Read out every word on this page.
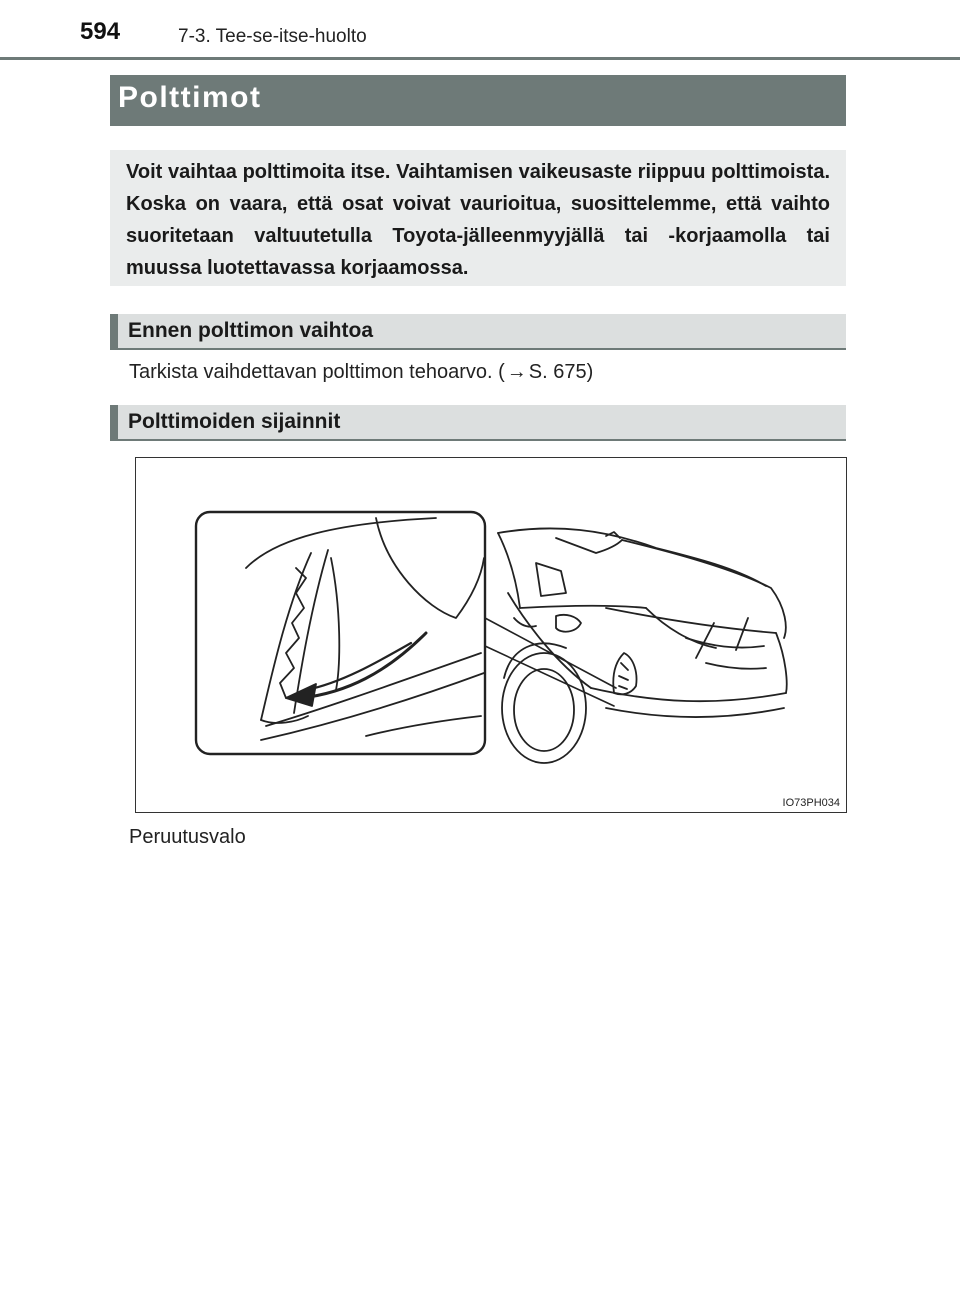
594	7-3. Tee-se-itse-huolto
Polttimot
Voit vaihtaa polttimoita itse. Vaihtamisen vaikeusaste riippuu polttimoista. Koska on vaara, että osat voivat vaurioitua, suosittelemme, että vaihto suoritetaan valtuutetulla Toyota-jälleenmyyjällä tai -korjaamolla tai muussa luotettavassa korjaamossa.
Ennen polttimon vaihtoa
Tarkista vaihdettavan polttimon tehoarvo. ( → S. 675)
Polttimoiden sijainnit
IO73PH034
Peruutusvalo
